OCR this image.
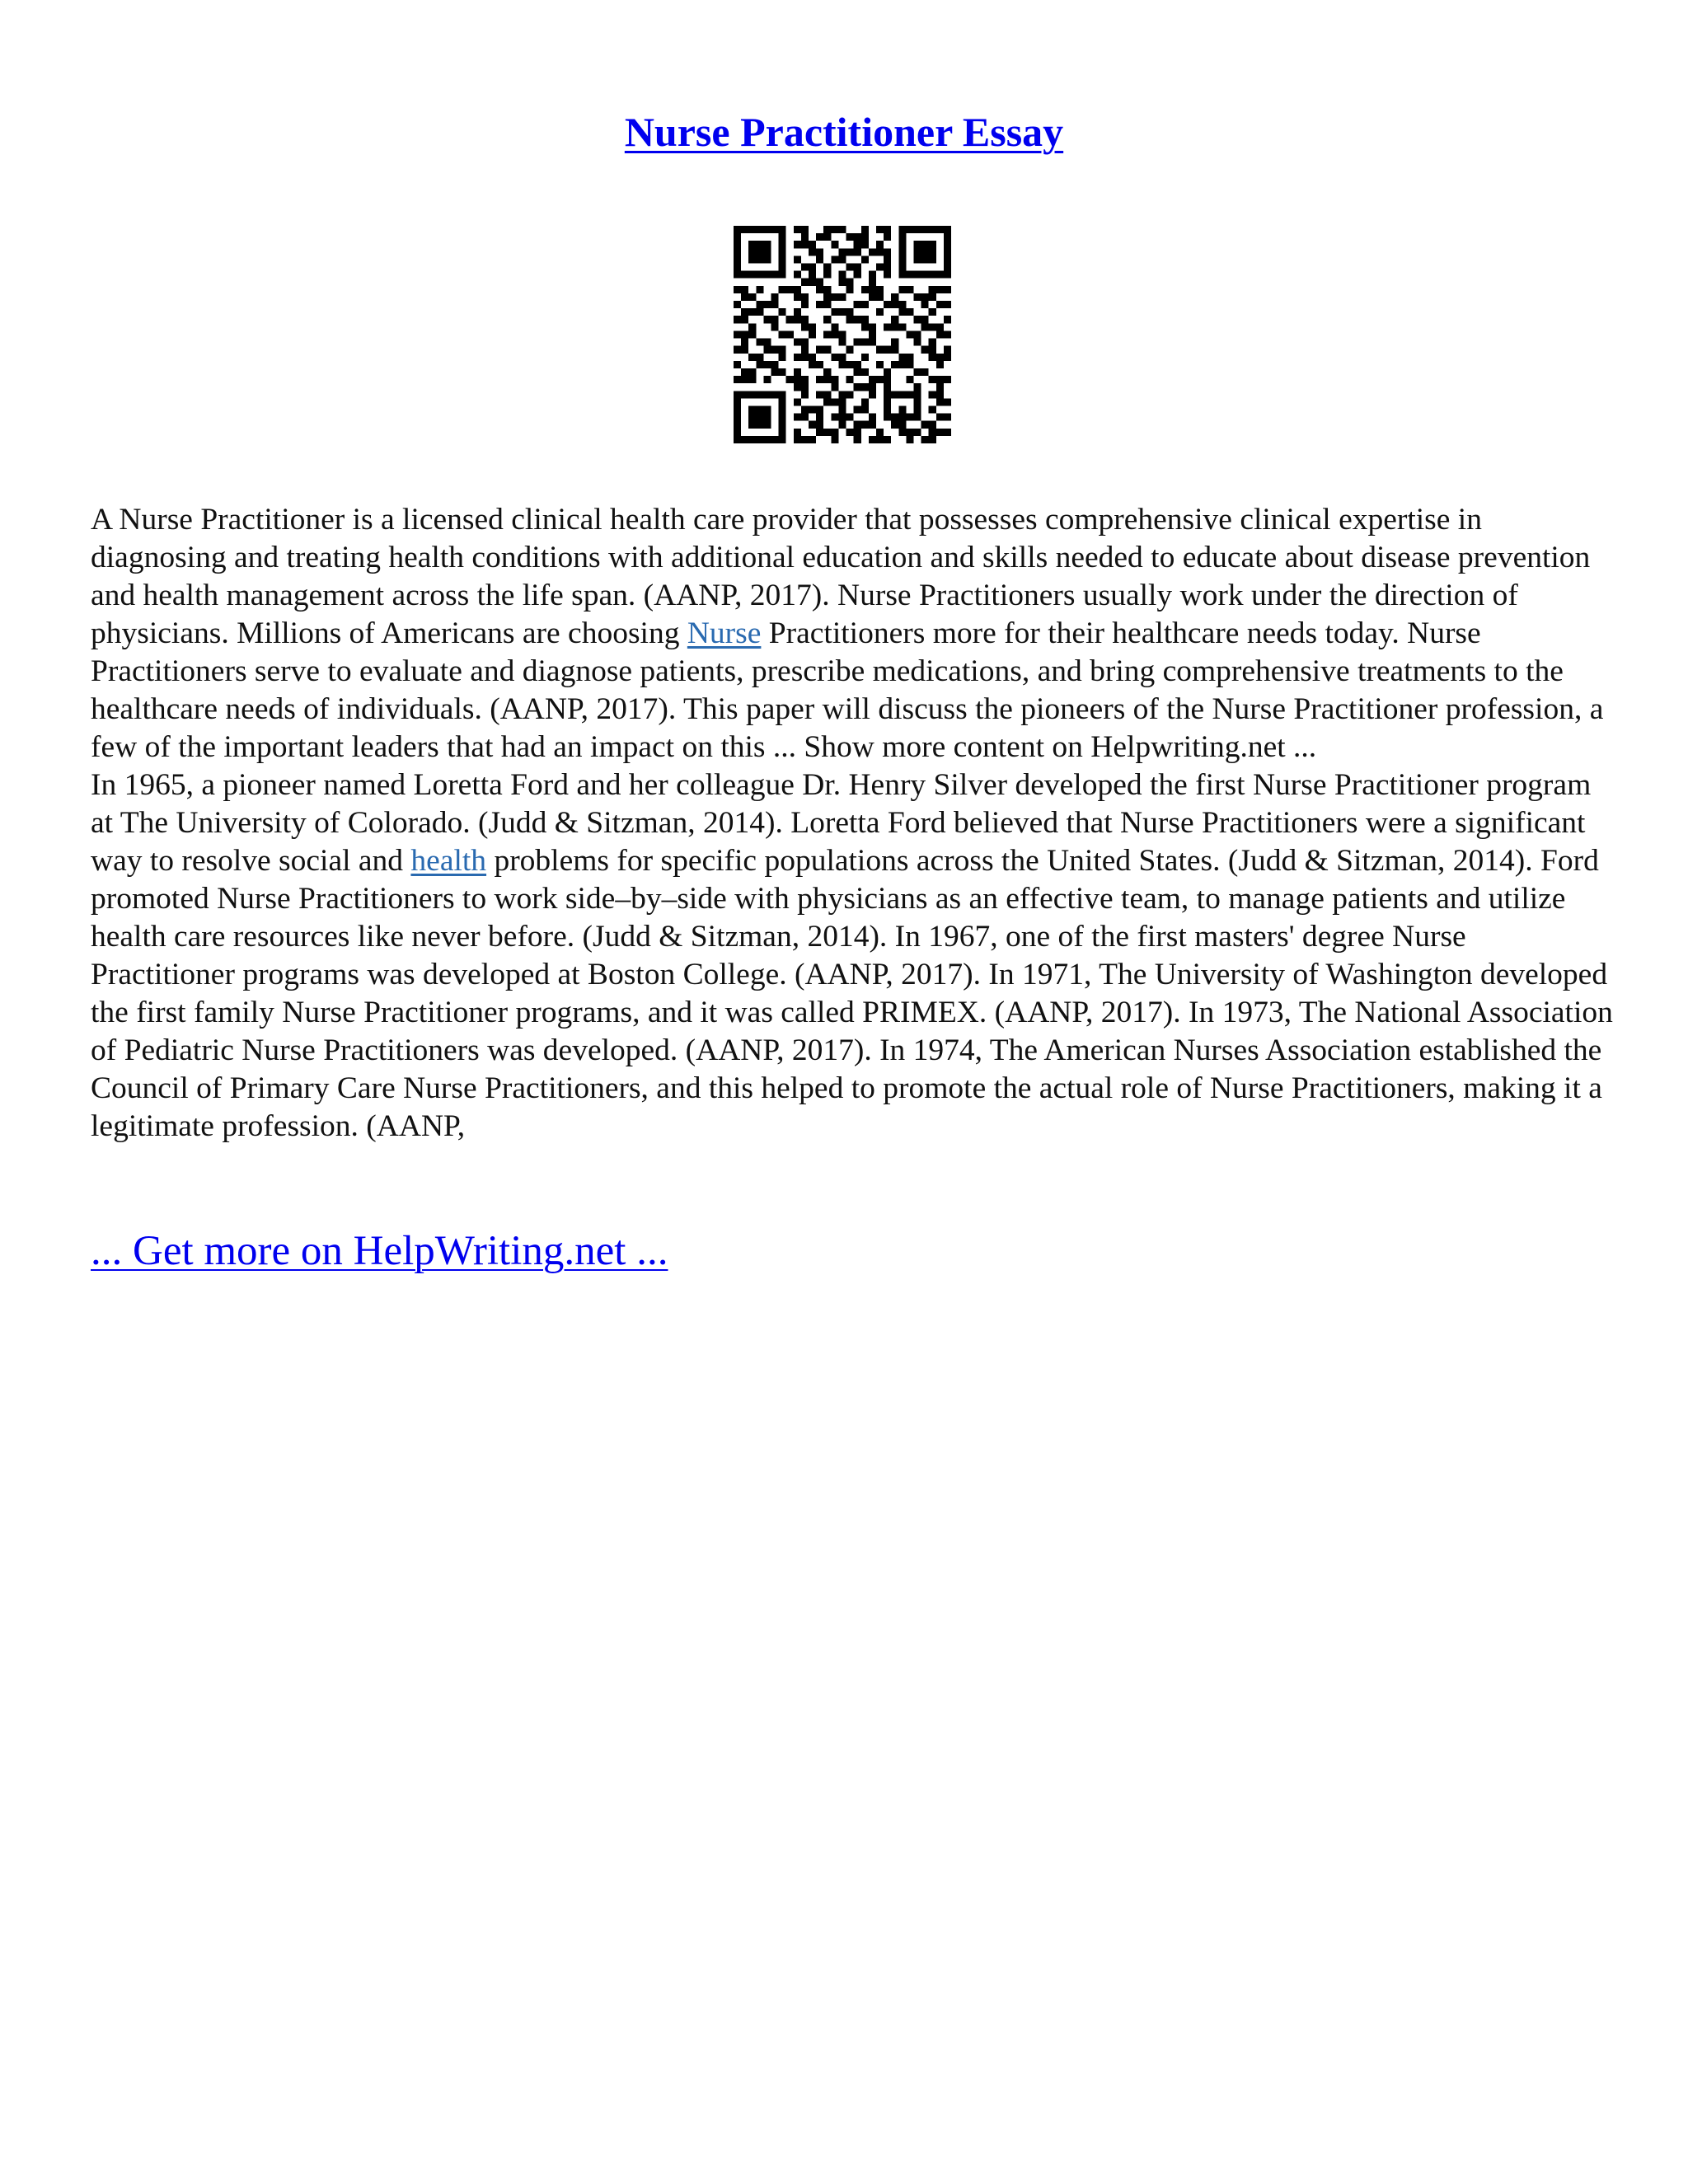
Nurse Practitioner Essay

A Nurse Practitioner is a licensed clinical health care provider that possesses comprehensive clinical expertise in diagnosing and treating health conditions with additional education and skills needed to educate about disease prevention and health management across the life span. (AANP, 2017). Nurse Practitioners usually work under the direction of physicians. Millions of Americans are choosing Nurse Practitioners more for their healthcare needs today. Nurse Practitioners serve to evaluate and diagnose patients, prescribe medications, and bring comprehensive treatments to the healthcare needs of individuals. (AANP, 2017). This paper will discuss the pioneers of the Nurse Practitioner profession, a few of the important leaders that had an impact on this ... Show more content on Helpwriting.net ...

In 1965, a pioneer named Loretta Ford and her colleague Dr. Henry Silver developed the first Nurse Practitioner program at The University of Colorado. (Judd & Sitzman, 2014). Loretta Ford believed that Nurse Practitioners were a significant way to resolve social and health problems for specific populations across the United States. (Judd & Sitzman, 2014). Ford promoted Nurse Practitioners to work side–by–side with physicians as an effective team, to manage patients and utilize health care resources like never before. (Judd & Sitzman, 2014). In 1967, one of the first masters' degree Nurse Practitioner programs was developed at Boston College. (AANP, 2017). In 1971, The University of Washington developed the first family Nurse Practitioner programs, and it was called PRIMEX. (AANP, 2017). In 1973, The National Association of Pediatric Nurse Practitioners was developed. (AANP, 2017). In 1974, The American Nurses Association established the Council of Primary Care Nurse Practitioners, and this helped to promote the actual role of Nurse Practitioners, making it a legitimate profession. (AANP,

... Get more on HelpWriting.net ...
